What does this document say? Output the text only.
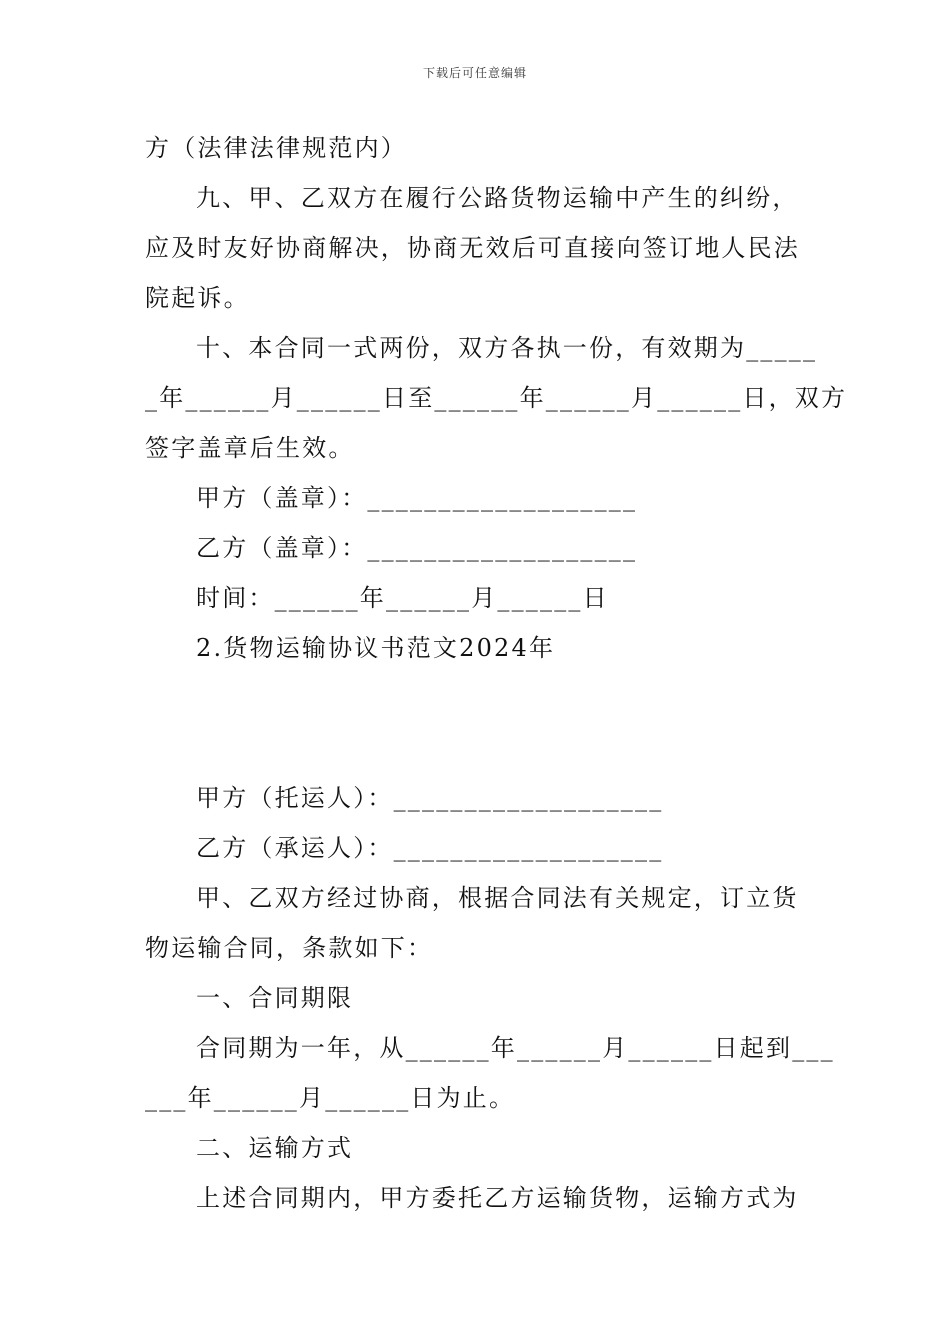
下载后可任意编辑
方（法律法律规范内）
九、甲、乙双方在履行公路货物运输中产生的纠纷，
应及时友好协商解决，协商无效后可直接向签订地人民法
院起诉。
十、本合同一式两份，双方各执一份，有效期为_____
_年______月______日至______年______月______日，双方
签字盖章后生效。
甲方（盖章）：___________________
乙方（盖章）：___________________
时间：______年______月______日
2.货物运输协议书范文2024年
甲方（托运人）：___________________
乙方（承运人）：___________________
甲、乙双方经过协商，根据合同法有关规定，订立货
物运输合同，条款如下：
一、合同期限
合同期为一年，从______年______月______日起到___
___年______月______日为止。
二、运输方式
上述合同期内，甲方委托乙方运输货物，运输方式为
